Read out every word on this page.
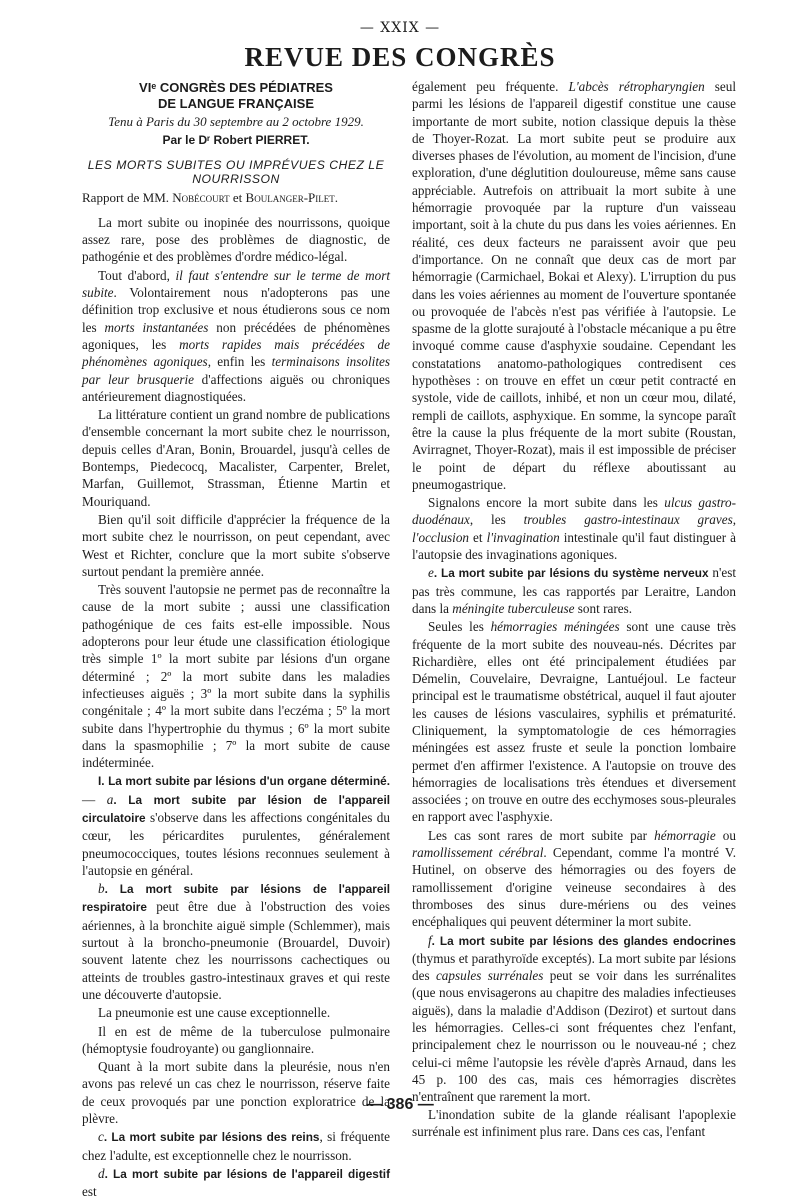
— XXIX —
REVUE DES CONGRÈS
VIᵉ CONGRÈS DES PÉDIATRES
DE LANGUE FRANÇAISE
Tenu à Paris du 30 septembre au 2 octobre 1929.
Par le Dʳ Robert PIERRET.
LES MORTS SUBITES OU IMPRÉVUES CHEZ LE
NOURRISSON

Rapport de MM. Nobécourt et Boulanger-Pilet.

La mort subite ou inopinée des nourrissons, quoique assez rare, pose des problèmes de diagnostic, de pathogénie et des problèmes d'ordre médico-légal.

Tout d'abord, il faut s'entendre sur le terme de mort subite. Volontairement nous n'adopterons pas une définition trop exclusive et nous étudierons sous ce nom les morts instantanées non précédées de phénomènes agoniques, les morts rapides mais précédées de phénomènes agoniques, enfin les terminaisons insolites par leur brusquerie d'affections aiguës ou chroniques antérieurement diagnostiquées.

La littérature contient un grand nombre de publications d'ensemble concernant la mort subite chez le nourrisson, depuis celles d'Aran, Bonin, Brouardel, jusqu'à celles de Bontemps, Piedecocq, Macalister, Carpenter, Brelet, Marfan, Guillemot, Strassman, Étienne Martin et Mouriquand.

Bien qu'il soit difficile d'apprécier la fréquence de la mort subite chez le nourrisson, on peut cependant, avec West et Richter, conclure que la mort subite s'observe surtout pendant la première année.

Très souvent l'autopsie ne permet pas de reconnaître la cause de la mort subite ; aussi une classification pathogénique de ces faits est-elle impossible. Nous adopterons pour leur étude une classification étiologique très simple 1º la mort subite par lésions d'un organe déterminé ; 2º la mort subite dans les maladies infectieuses aiguës ; 3º la mort subite dans la syphilis congénitale ; 4º la mort subite dans l'eczéma ; 5º la mort subite dans l'hypertrophie du thymus ; 6º la mort subite dans la spasmophilie ; 7º la mort subite de cause indéterminée.

I. La mort subite par lésions d'un organe déterminé. — a. La mort subite par lésion de l'appareil circulatoire s'observe dans les affections congénitales du cœur, les péricardites purulentes, généralement pneumococciques, toutes lésions reconnues seulement à l'autopsie en général.

b. La mort subite par lésions de l'appareil respiratoire peut être due à l'obstruction des voies aériennes, à la bronchite aiguë simple (Schlemmer), mais surtout à la broncho-pneumonie (Brouardel, Duvoir) souvent latente chez les nourrissons cachectiques ou atteints de troubles gastro-intestinaux graves et qui reste une découverte d'autopsie.

La pneumonie est une cause exceptionnelle.

Il en est de même de la tuberculose pulmonaire (hémoptysie foudroyante) ou ganglionnaire.

Quant à la mort subite dans la pleurésie, nous n'en avons pas relevé un cas chez le nourrisson, réserve faite de ceux provoqués par une ponction exploratrice de la plèvre.

c. La mort subite par lésions des reins, si fréquente chez l'adulte, est exceptionnelle chez le nourrisson.

d. La mort subite par lésions de l'appareil digestif est

également peu fréquente. L'abcès rétropharyngien seul parmi les lésions de l'appareil digestif constitue une cause importante de mort subite, notion classique depuis la thèse de Thoyer-Rozat. La mort subite peut se produire aux diverses phases de l'évolution, au moment de l'incision, d'une exploration, d'une déglutition douloureuse, même sans cause appréciable. Autrefois on attribuait la mort subite à une hémorragie provoquée par la rupture d'un vaisseau important, soit à la chute du pus dans les voies aériennes. En réalité, ces deux facteurs ne paraissent avoir que peu d'importance. On ne connaît que deux cas de mort par hémorragie (Carmichael, Bokai et Alexy). L'irruption du pus dans les voies aériennes au moment de l'ouverture spontanée ou provoquée de l'abcès n'est pas vérifiée à l'autopsie. Le spasme de la glotte surajouté à l'obstacle mécanique a pu être invoqué comme cause d'asphyxie soudaine. Cependant les constatations anatomo-pathologiques contredisent ces hypothèses : on trouve en effet un cœur petit contracté en systole, vide de caillots, inhibé, et non un cœur mou, dilaté, rempli de caillots, asphyxique. En somme, la syncope paraît être la cause la plus fréquente de la mort subite (Roustan, Avirragnet, Thoyer-Rozat), mais il est impossible de préciser le point de départ du réflexe aboutissant au pneumogastrique.

Signalons encore la mort subite dans les ulcus gastro-duodénaux, les troubles gastro-intestinaux graves, l'occlusion et l'invagination intestinale qu'il faut distinguer à l'autopsie des invaginations agoniques.

e. La mort subite par lésions du système nerveux n'est pas très commune, les cas rapportés par Leraitre, Landon dans la méningite tuberculeuse sont rares.

Seules les hémorragies méningées sont une cause très fréquente de la mort subite des nouveau-nés. Décrites par Richardière, elles ont été principalement étudiées par Démelin, Couvelaire, Devraigne, Lantuéjoul. Le facteur principal est le traumatisme obstétrical, auquel il faut ajouter les causes de lésions vasculaires, syphilis et prématurité. Cliniquement, la symptomatologie de ces hémorragies méningées est assez fruste et seule la ponction lombaire permet d'en affirmer l'existence. A l'autopsie on trouve des hémorragies de localisations très étendues et diversement associées ; on trouve en outre des ecchymoses sous-pleurales en rapport avec l'asphyxie.

Les cas sont rares de mort subite par hémorragie ou ramollissement cérébral. Cependant, comme l'a montré V. Hutinel, on observe des hémorragies ou des foyers de ramollissement d'origine veineuse secondaires à des thromboses des sinus dure-mériens ou des veines encéphaliques qui peuvent déterminer la mort subite.

f. La mort subite par lésions des glandes endocrines (thymus et parathyroïde exceptés). La mort subite par lésions des capsules surrénales peut se voir dans les surrénalites (que nous envisagerons au chapitre des maladies infectieuses aiguës), dans la maladie d'Addison (Dezirot) et surtout dans les hémorragies. Celles-ci sont fréquentes chez l'enfant, principalement chez le nourrisson ou le nouveau-né ; chez celui-ci même l'autopsie les révèle d'après Arnaud, dans les 45 p. 100 des cas, mais ces hémorragies discrètes n'entraînent que rarement la mort.

L'inondation subite de la glande réalisant l'apoplexie surrénale est infiniment plus rare. Dans ces cas, l'enfant

— 386 —
